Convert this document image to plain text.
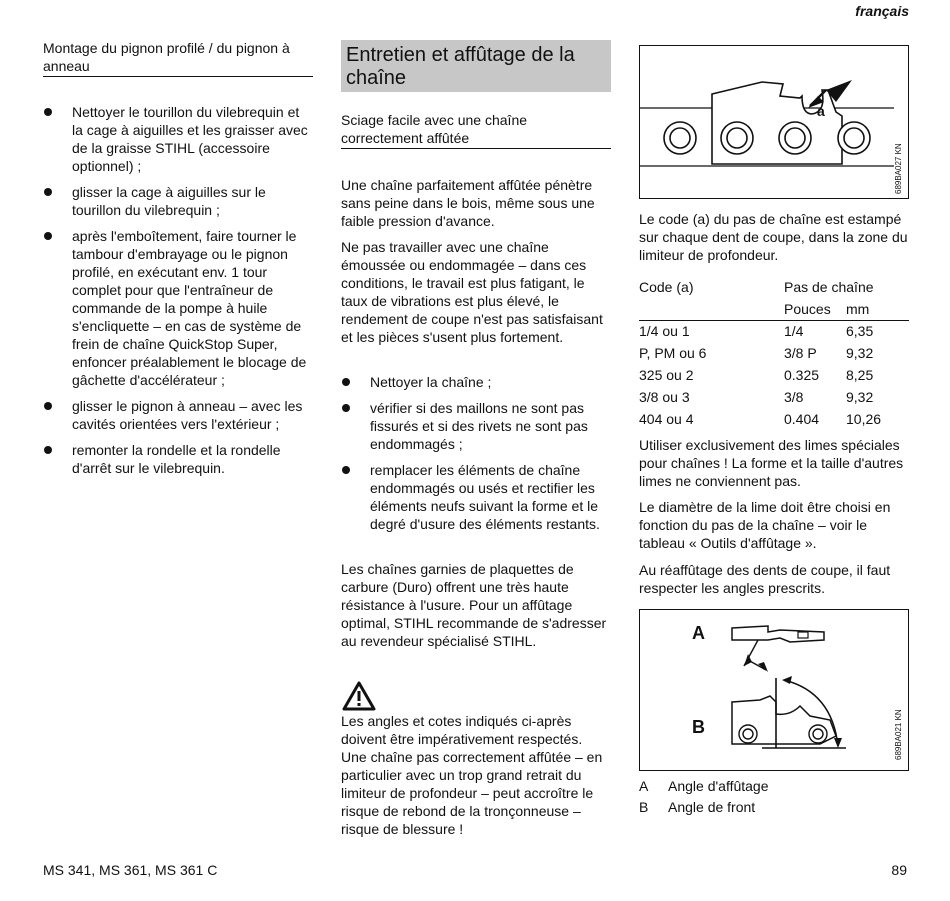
français
Montage du pignon profilé / du pignon à anneau
Nettoyer le tourillon du vilebrequin et la cage à aiguilles et les graisser avec de la graisse STIHL (accessoire optionnel) ;
glisser la cage à aiguilles sur le tourillon du vilebrequin ;
après l'emboîtement, faire tourner le tambour d'embrayage ou le pignon profilé, en exécutant env. 1 tour complet pour que l'entraîneur de commande de la pompe à huile s'encliquette – en cas de système de frein de chaîne QuickStop Super, enfoncer préalablement le blocage de gâchette d'accélérateur ;
glisser le pignon à anneau – avec les cavités orientées vers l'extérieur ;
remonter la rondelle et la rondelle d'arrêt sur le vilebrequin.
Entretien et affûtage de la chaîne
Sciage facile avec une chaîne correctement affûtée

Une chaîne parfaitement affûtée pénètre sans peine dans le bois, même sous une faible pression d'avance.

Ne pas travailler avec une chaîne émoussée ou endommagée – dans ces conditions, le travail est plus fatigant, le taux de vibrations est plus élevé, le rendement de coupe n'est pas satisfaisant et les pièces s'usent plus fortement.

Nettoyer la chaîne ;
vérifier si des maillons ne sont pas fissurés et si des rivets ne sont pas endommagés ;
remplacer les éléments de chaîne endommagés ou usés et rectifier les éléments neufs suivant la forme et le degré d'usure des éléments restants.

Les chaînes garnies de plaquettes de carbure (Duro) offrent une très haute résistance à l'usure. Pour un affûtage optimal, STIHL recommande de s'adresser au revendeur spécialisé STIHL.

Les angles et cotes indiqués ci-après doivent être impérativement respectés. Une chaîne pas correctement affûtée – en particulier avec un trop grand retrait du limiteur de profondeur – peut accroître le risque de rebond de la tronçonneuse – risque de blessure !

a
689BA027 KN

Le code (a) du pas de chaîne est estampé sur chaque dent de coupe, dans la zone du limiteur de profondeur.

Code (a)	Pas de chaîne	
	Pouces	mm
1/4 ou 1	1/4	6,35
P, PM ou 6	3/8 P	9,32
325 ou 2	0.325	8,25
3/8 ou 3	3/8	9,32
404 ou 4	0.404	10,26

Utiliser exclusivement des limes spéciales pour chaînes ! La forme et la taille d'autres limes ne conviennent pas.

Le diamètre de la lime doit être choisi en fonction du pas de la chaîne – voir le tableau « Outils d'affûtage ».

Au réaffûtage des dents de coupe, il faut respecter les angles prescrits.

A
B	689BA021 KN
A	Angle d'affûtage
B	Angle de front
MS 341, MS 361, MS 361 C	89
